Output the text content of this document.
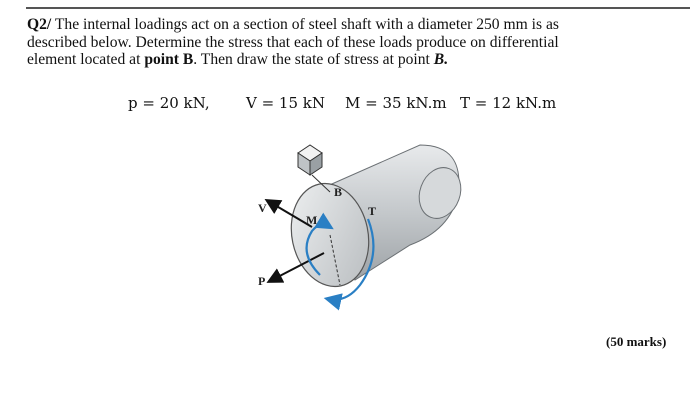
Q2/ The internal loadings act on a section of steel shaft with a diameter 250 mm is as
described below. Determine the stress that each of these loads produce on differential
element located at point B. Then draw the state of stress at point B.
p = 20 kN, V = 15 kN M = 35 kN.m T = 12 kN.m
B
V
M
T
P
(50 marks)
